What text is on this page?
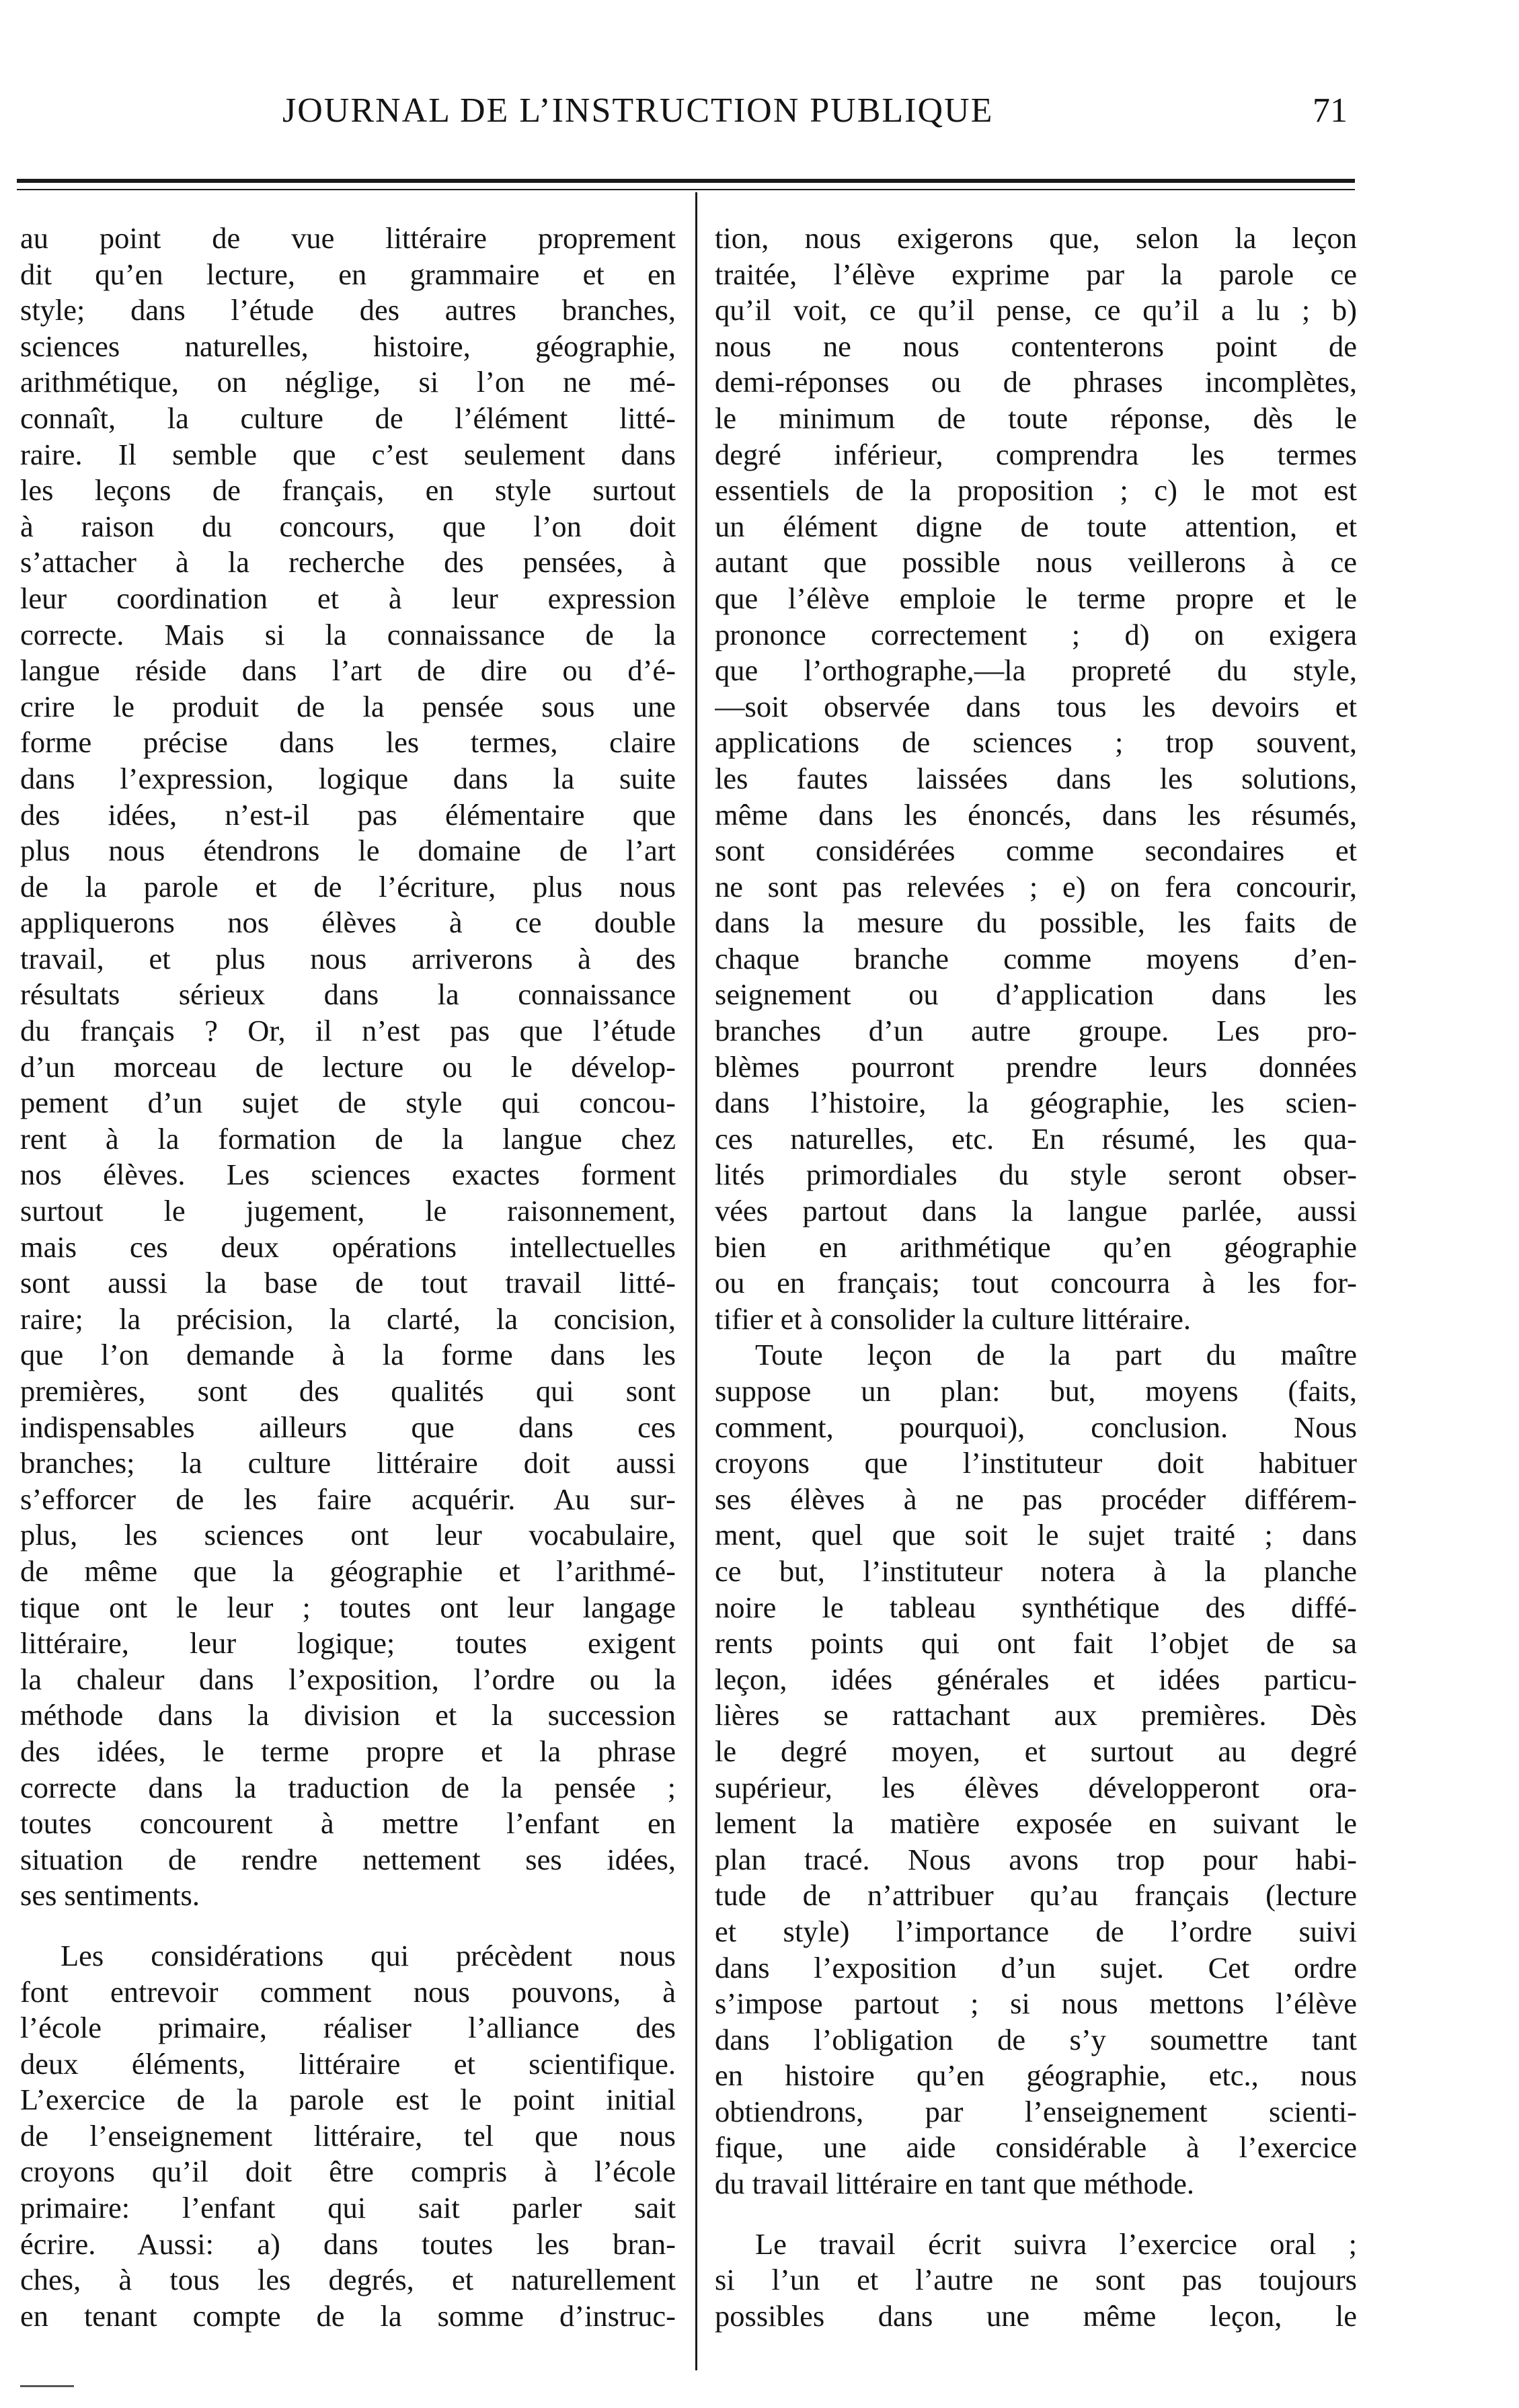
JOURNAL DE L’INSTRUCTION PUBLIQUE	71
au point de vue littéraire proprement
dit qu’en lecture, en grammaire et en
style; dans l’étude des autres branches,
sciences naturelles, histoire, géographie,
arithmétique, on néglige, si l’on ne mé-
connaît, la culture de l’élément litté-
raire. Il semble que c’est seulement dans
les leçons de français, en style surtout
à raison du concours, que l’on doit
s’attacher à la recherche des pensées, à
leur coordination et à leur expression
correcte. Mais si la connaissance de la
langue réside dans l’art de dire ou d’é-
crire le produit de la pensée sous une
forme précise dans les termes, claire
dans l’expression, logique dans la suite
des idées, n’est-il pas élémentaire que
plus nous étendrons le domaine de l’art
de la parole et de l’écriture, plus nous
appliquerons nos élèves à ce double
travail, et plus nous arriverons à des
résultats sérieux dans la connaissance
du français ? Or, il n’est pas que l’étude
d’un morceau de lecture ou le dévelop-
pement d’un sujet de style qui concou-
rent à la formation de la langue chez
nos élèves. Les sciences exactes forment
surtout le jugement, le raisonnement,
mais ces deux opérations intellectuelles
sont aussi la base de tout travail litté-
raire; la précision, la clarté, la concision,
que l’on demande à la forme dans les
premières, sont des qualités qui sont
indispensables ailleurs que dans ces
branches; la culture littéraire doit aussi
s’efforcer de les faire acquérir. Au sur-
plus, les sciences ont leur vocabulaire,
de même que la géographie et l’arithmé-
tique ont le leur ; toutes ont leur langage
littéraire, leur logique; toutes exigent
la chaleur dans l’exposition, l’ordre ou la
méthode dans la division et la succession
des idées, le terme propre et la phrase
correcte dans la traduction de la pensée ;
toutes concourent à mettre l’enfant en
situation de rendre nettement ses idées,
ses sentiments.
Les considérations qui précèdent nous
font entrevoir comment nous pouvons, à
l’école primaire, réaliser l’alliance des
deux éléments, littéraire et scientifique.
L’exercice de la parole est le point initial
de l’enseignement littéraire, tel que nous
croyons qu’il doit être compris à l’école
primaire: l’enfant qui sait parler sait
écrire. Aussi: a) dans toutes les bran-
ches, à tous les degrés, et naturellement
en tenant compte de la somme d’instruc-
tion, nous exigerons que, selon la leçon
traitée, l’élève exprime par la parole ce
qu’il voit, ce qu’il pense, ce qu’il a lu ; b)
nous ne nous contenterons point de
demi-réponses ou de phrases incomplètes,
le minimum de toute réponse, dès le
degré inférieur, comprendra les termes
essentiels de la proposition ; c) le mot est
un élément digne de toute attention, et
autant que possible nous veillerons à ce
que l’élève emploie le terme propre et le
prononce correctement ; d) on exigera
que l’orthographe,—la propreté du style,
—soit observée dans tous les devoirs et
applications de sciences ; trop souvent,
les fautes laissées dans les solutions,
même dans les énoncés, dans les résumés,
sont considérées comme secondaires et
ne sont pas relevées ; e) on fera concourir,
dans la mesure du possible, les faits de
chaque branche comme moyens d’en-
seignement ou d’application dans les
branches d’un autre groupe. Les pro-
blèmes pourront prendre leurs données
dans l’histoire, la géographie, les scien-
ces naturelles, etc. En résumé, les qua-
lités primordiales du style seront obser-
vées partout dans la langue parlée, aussi
bien en arithmétique qu’en géographie
ou en français; tout concourra à les for-
tifier et à consolider la culture littéraire.
Toute leçon de la part du maître
suppose un plan: but, moyens (faits,
comment, pourquoi), conclusion. Nous
croyons que l’instituteur doit habituer
ses élèves à ne pas procéder différem-
ment, quel que soit le sujet traité ; dans
ce but, l’instituteur notera à la planche
noire le tableau synthétique des diffé-
rents points qui ont fait l’objet de sa
leçon, idées générales et idées particu-
lières se rattachant aux premières. Dès
le degré moyen, et surtout au degré
supérieur, les élèves développeront ora-
lement la matière exposée en suivant le
plan tracé. Nous avons trop pour habi-
tude de n’attribuer qu’au français (lecture
et style) l’importance de l’ordre suivi
dans l’exposition d’un sujet. Cet ordre
s’impose partout ; si nous mettons l’élève
dans l’obligation de s’y soumettre tant
en histoire qu’en géographie, etc., nous
obtiendrons, par l’enseignement scienti-
fique, une aide considérable à l’exercice
du travail littéraire en tant que méthode.
Le travail écrit suivra l’exercice oral ;
si l’un et l’autre ne sont pas toujours
possibles dans une même leçon, le
